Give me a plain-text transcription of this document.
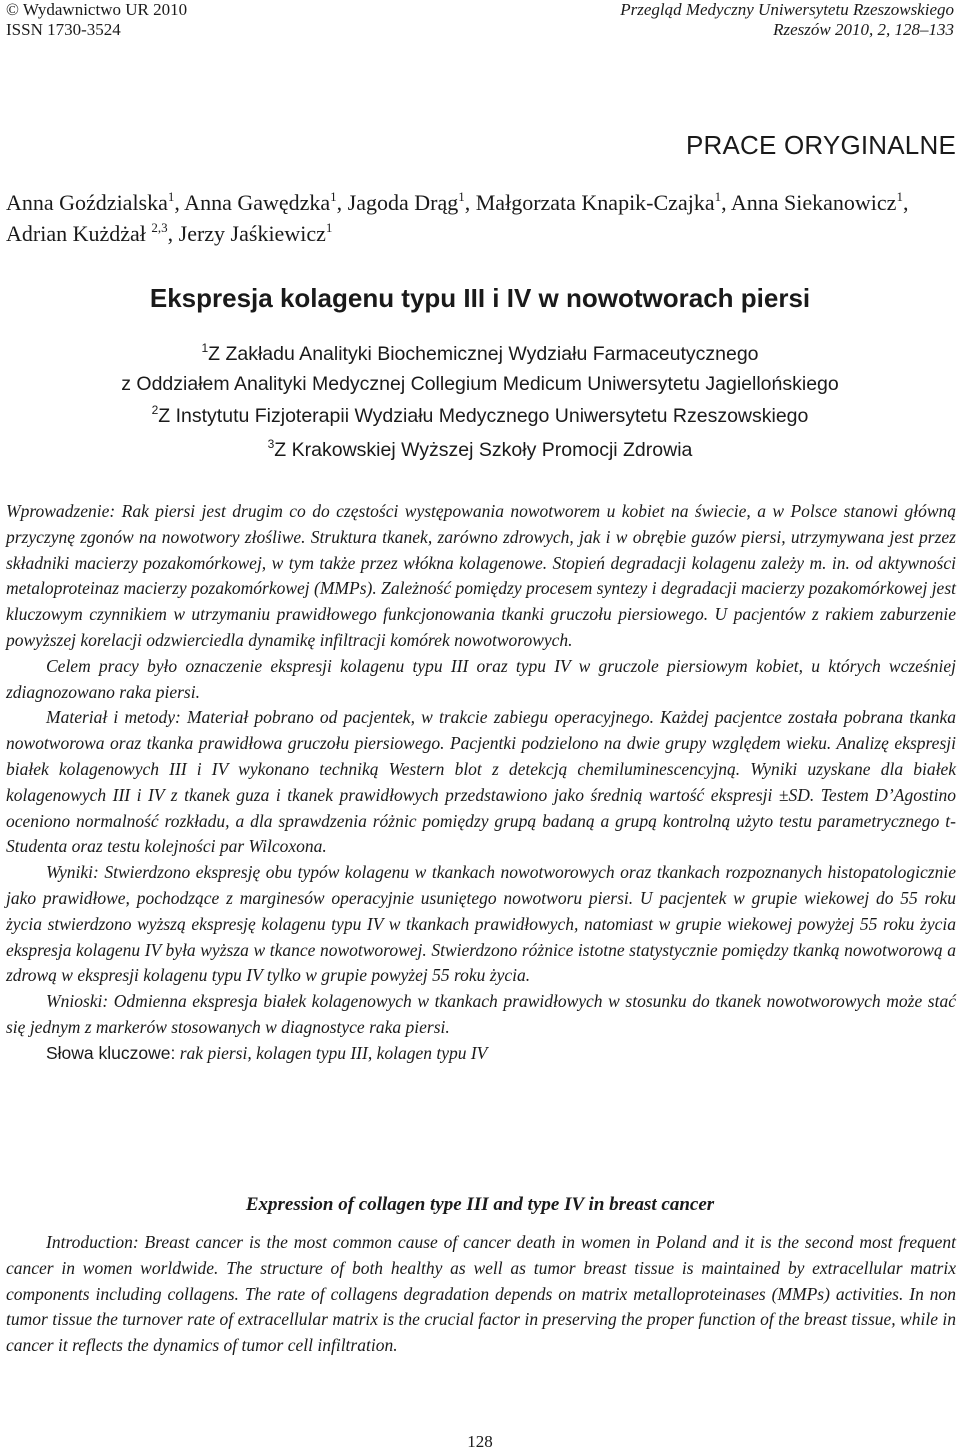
© Wydawnictwo UR 2010
ISSN 1730-3524
Przegląd Medyczny Uniwersytetu Rzeszowskiego
Rzeszów 2010, 2, 128–133
PRACE ORYGINALNE
Anna Goździalska$^1$, Anna Gawędzka$^1$, Jagoda Drąg$^1$, Małgorzata Knapik-Czajka$^1$, Anna Siekanowicz$^1$, Adrian Kużdżał $^{2,3}$, Jerzy Jaśkiewicz$^1$
Ekspresja kolagenu typu III i IV w nowotworach piersi
$^1$Z Zakładu Analityki Biochemicznej Wydziału Farmaceutycznego
z Oddziałem Analityki Medycznej Collegium Medicum Uniwersytetu Jagiellońskiego
$^2$Z Instytutu Fizjoterapii Wydziału Medycznego Uniwersytetu Rzeszowskiego
$^3$Z Krakowskiej Wyższej Szkoły Promocji Zdrowia

Wprowadzenie: Rak piersi jest drugim co do częstości występowania nowotworem u kobiet na świecie, a w Polsce stanowi główną przyczynę zgonów na nowotwory złośliwe. Struktura tkanek, zarówno zdrowych, jak i w obrębie guzów piersi, utrzymywana jest przez składniki macierzy pozakomórkowej, w tym także przez włókna kolagenowe. Stopień degradacji kolagenu zależy m. in. od aktywności metaloproteinaz macierzy pozakomórkowej (MMPs). Zależność pomiędzy procesem syntezy i degradacji macierzy pozakomórkowej jest kluczowym czynnikiem w utrzymaniu prawidłowego funkcjonowania tkanki gruczołu piersiowego. U pacjentów z rakiem zaburzenie powyższej korelacji odzwierciedla dynamikę infiltracji komórek nowotworowych.

Celem pracy było oznaczenie ekspresji kolagenu typu III oraz typu IV w gruczole piersiowym kobiet, u których wcześniej zdiagnozowano raka piersi.

Materiał i metody: Materiał pobrano od pacjentek, w trakcie zabiegu operacyjnego. Każdej pacjentce została pobrana tkanka nowotworowa oraz tkanka prawidłowa gruczołu piersiowego. Pacjentki podzielono na dwie grupy względem wieku. Analizę ekspresji białek kolagenowych III i IV wykonano techniką Western blot z detekcją chemiluminescencyjną. Wyniki uzyskane dla białek kolagenowych III i IV z tkanek guza i tkanek prawidłowych przedstawiono jako średnią wartość ekspresji ±SD. Testem D’Agostino oceniono normalność rozkładu, a dla sprawdzenia różnic pomiędzy grupą badaną a grupą kontrolną użyto testu parametrycznego t-Studenta oraz testu kolejności par Wilcoxona.

Wyniki: Stwierdzono ekspresję obu typów kolagenu w tkankach nowotworowych oraz tkankach rozpoznanych histopatologicznie jako prawidłowe, pochodzące z marginesów operacyjnie usuniętego nowotworu piersi. U pacjentek w grupie wiekowej do 55 roku życia stwierdzono wyższą ekspresję kolagenu typu IV w tkankach prawidłowych, natomiast w grupie wiekowej powyżej 55 roku życia ekspresja kolagenu IV była wyższa w tkance nowotworowej. Stwierdzono różnice istotne statystycznie pomiędzy tkanką nowotworową a zdrową w ekspresji kolagenu typu IV tylko w grupie powyżej 55 roku życia.

Wnioski: Odmienna ekspresja białek kolagenowych w tkankach prawidłowych w stosunku do tkanek nowotworowych może stać się jednym z markerów stosowanych w diagnostyce raka piersi.

Słowa kluczowe: rak piersi, kolagen typu III, kolagen typu IV

Expression of collagen type III and type IV in breast cancer

Introduction: Breast cancer is the most common cause of cancer death in women in Poland and it is the second most frequent cancer in women worldwide. The structure of both healthy as well as tumor breast tissue is maintained by extracellular matrix components including collagens. The rate of collagens degradation depends on matrix metalloproteinases (MMPs) activities. In non tumor tissue the turnover rate of extracellular matrix is the crucial factor in preserving the proper function of the breast tissue, while in cancer it reflects the dynamics of tumor cell infiltration.

128
